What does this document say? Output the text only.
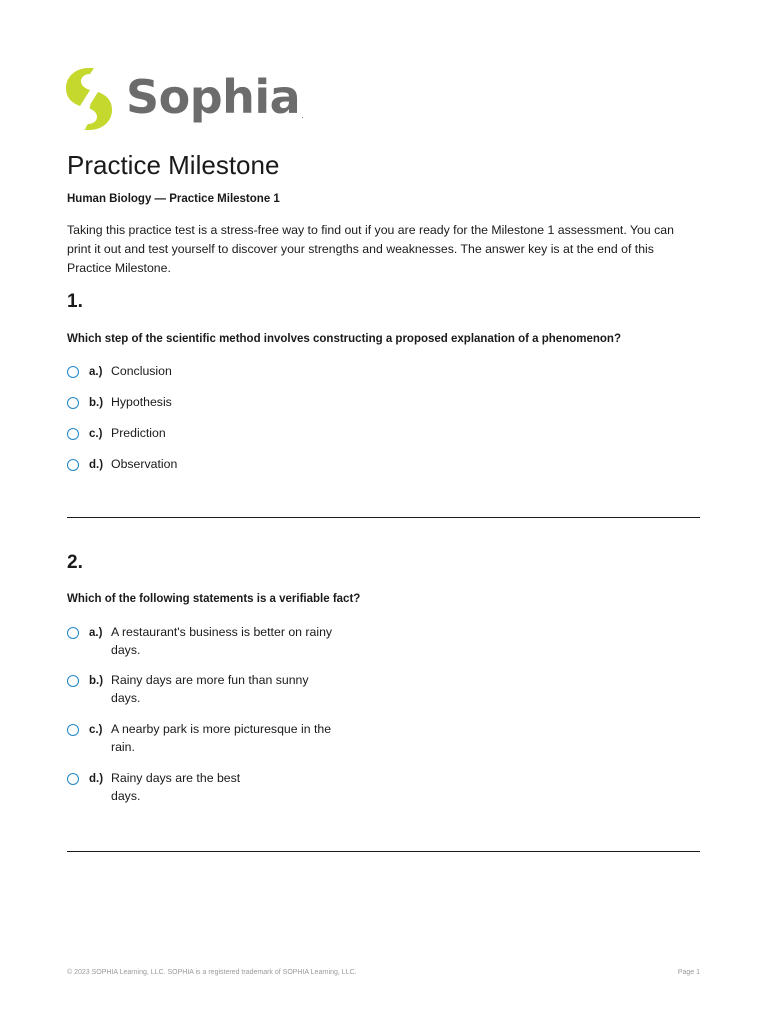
Sophia.
Practice Milestone
Human Biology — Practice Milestone 1

Taking this practice test is a stress-free way to find out if you are ready for the Milestone 1 assessment. You can print it out and test yourself to discover your strengths and weaknesses. The answer key is at the end of this Practice Milestone.

1.
Which step of the scientific method involves constructing a proposed explanation of a phenomenon?
a.) Conclusion
b.) Hypothesis
c.) Prediction
d.) Observation
2.
Which of the following statements is a verifiable fact?
a.) A restaurant's business is better on rainy days.
b.) Rainy days are more fun than sunny days.
c.) A nearby park is more picturesque in the rain.
d.) Rainy days are the best days.
© 2023 SOPHIA Learning, LLC. SOPHIA is a registered trademark of SOPHIA Learning, LLC.	Page 1
